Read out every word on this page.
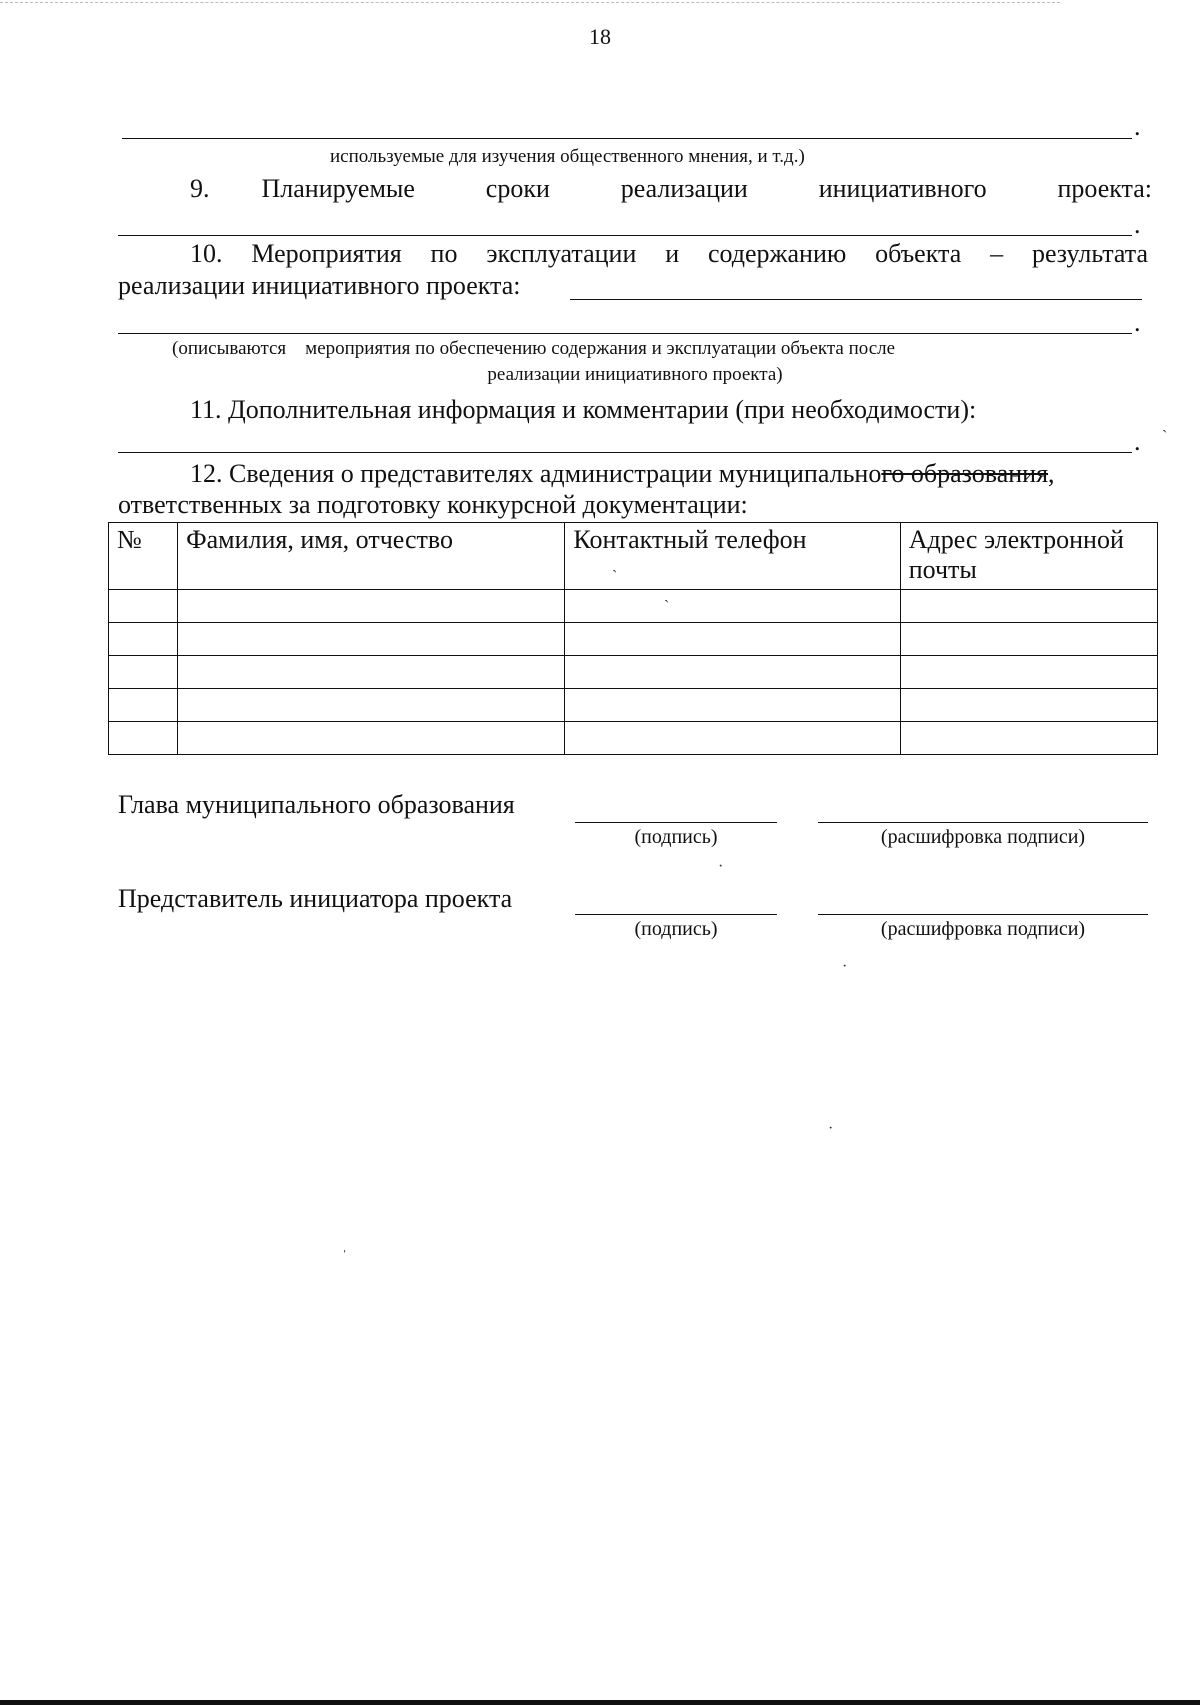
18
.
используемые для изучения общественного мнения, и т.д.)
9. Планируемые	сроки	реализации	инициативного	проекта:
.
10. Мероприятия по эксплуатации и содержанию объекта – результата
реализации инициативного проекта:
.
(описываются    мероприятия по обеспечению содержания и эксплуатации объекта после
реализации инициативного проекта)
11. Дополнительная информация и комментарии (при необходимости):
.
12. Сведения о представителях администрации муниципального образования,
ответственных за подготовку конкурсной документации:
№	Фамилия, имя, отчество	Контактный телефон	Адрес электронной почты

Глава муниципального образования
(подпись)	(расшифровка подписи)
Представитель инициатора проекта
(подпись)	(расшифровка подписи)
ˏ
ˏ
ˎ
·
·
·
ˌ
